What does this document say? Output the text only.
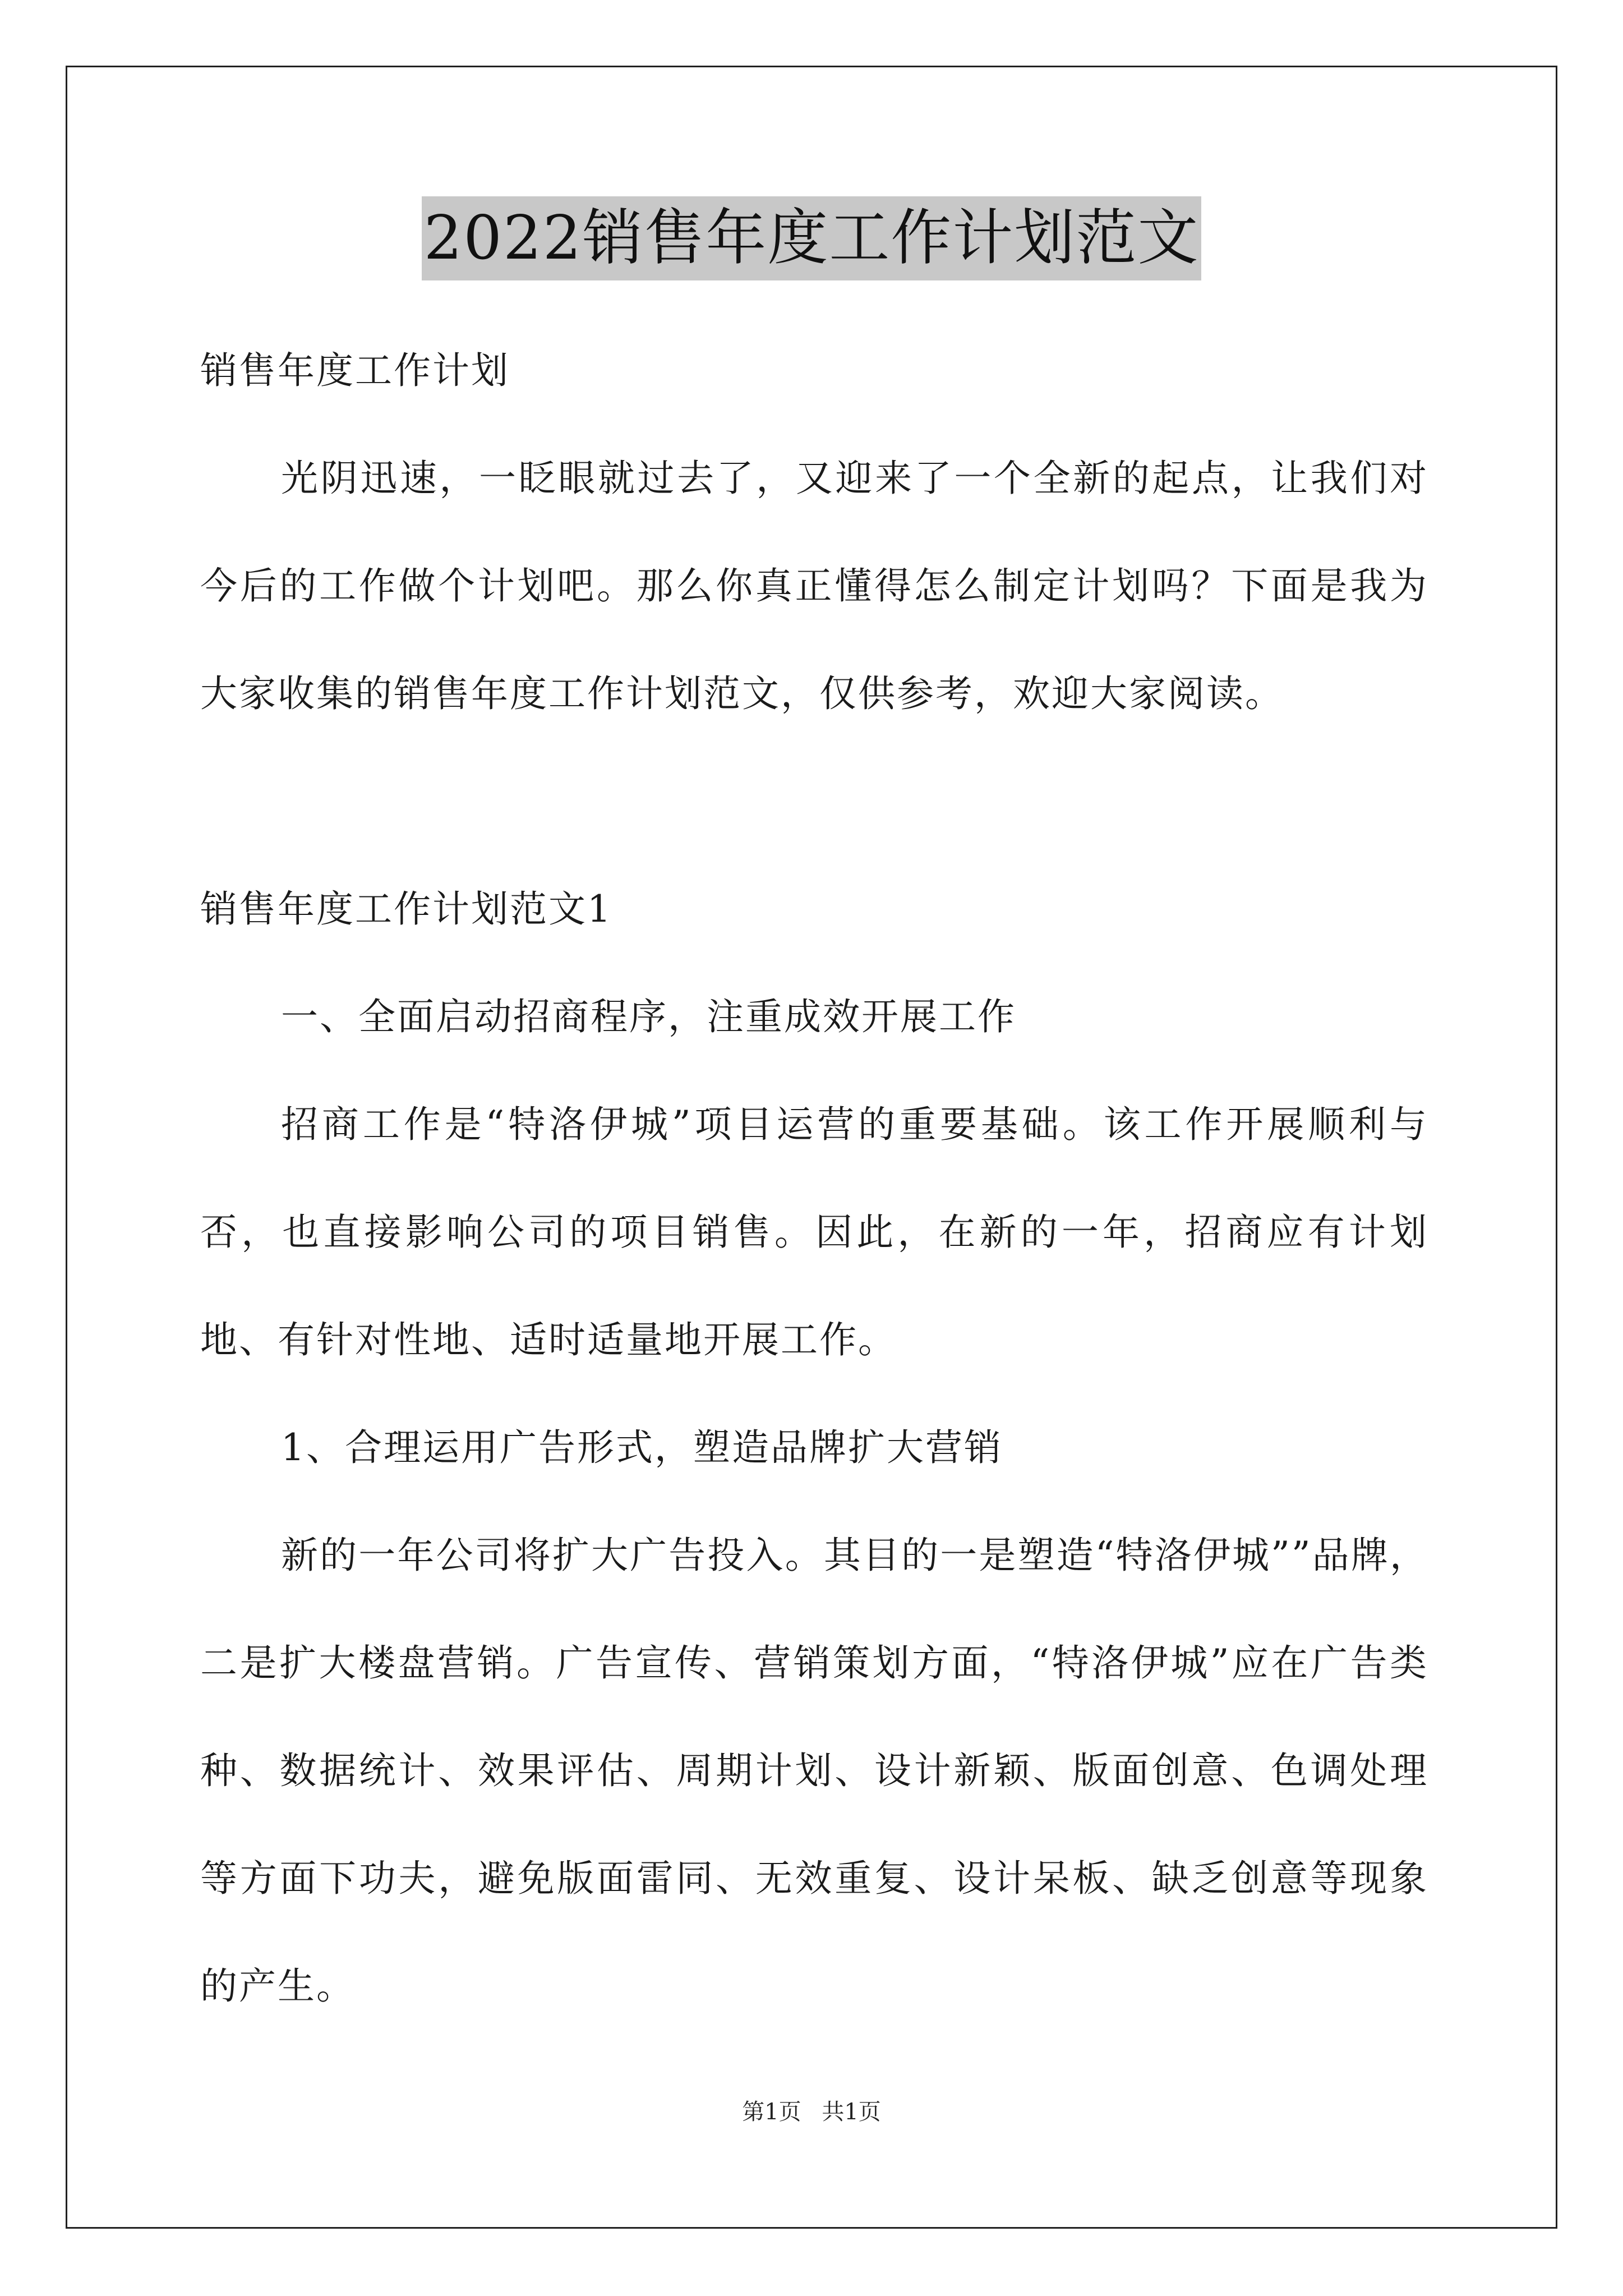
2022销售年度工作计划范文

销售年度工作计划

光阴迅速，一眨眼就过去了，又迎来了一个全新的起点，让我们对今后的工作做个计划吧。那么你真正懂得怎么制定计划吗？下面是我为大家收集的销售年度工作计划范文，仅供参考，欢迎大家阅读。

销售年度工作计划范文1

一、全面启动招商程序，注重成效开展工作

招商工作是“特洛伊城”项目运营的重要基础。该工作开展顺利与否，也直接影响公司的项目销售。因此，在新的一年，招商应有计划地、有针对性地、适时适量地开展工作。

1、合理运用广告形式，塑造品牌扩大营销

新的一年公司将扩大广告投入。其目的一是塑造“特洛伊城””品牌，二是扩大楼盘营销。广告宣传、营销策划方面，“特洛伊城”应在广告类种、数据统计、效果评估、周期计划、设计新颖、版面创意、色调处理等方面下功夫，避免版面雷同、无效重复、设计呆板、缺乏创意等现象的产生。

第1页 共1页
